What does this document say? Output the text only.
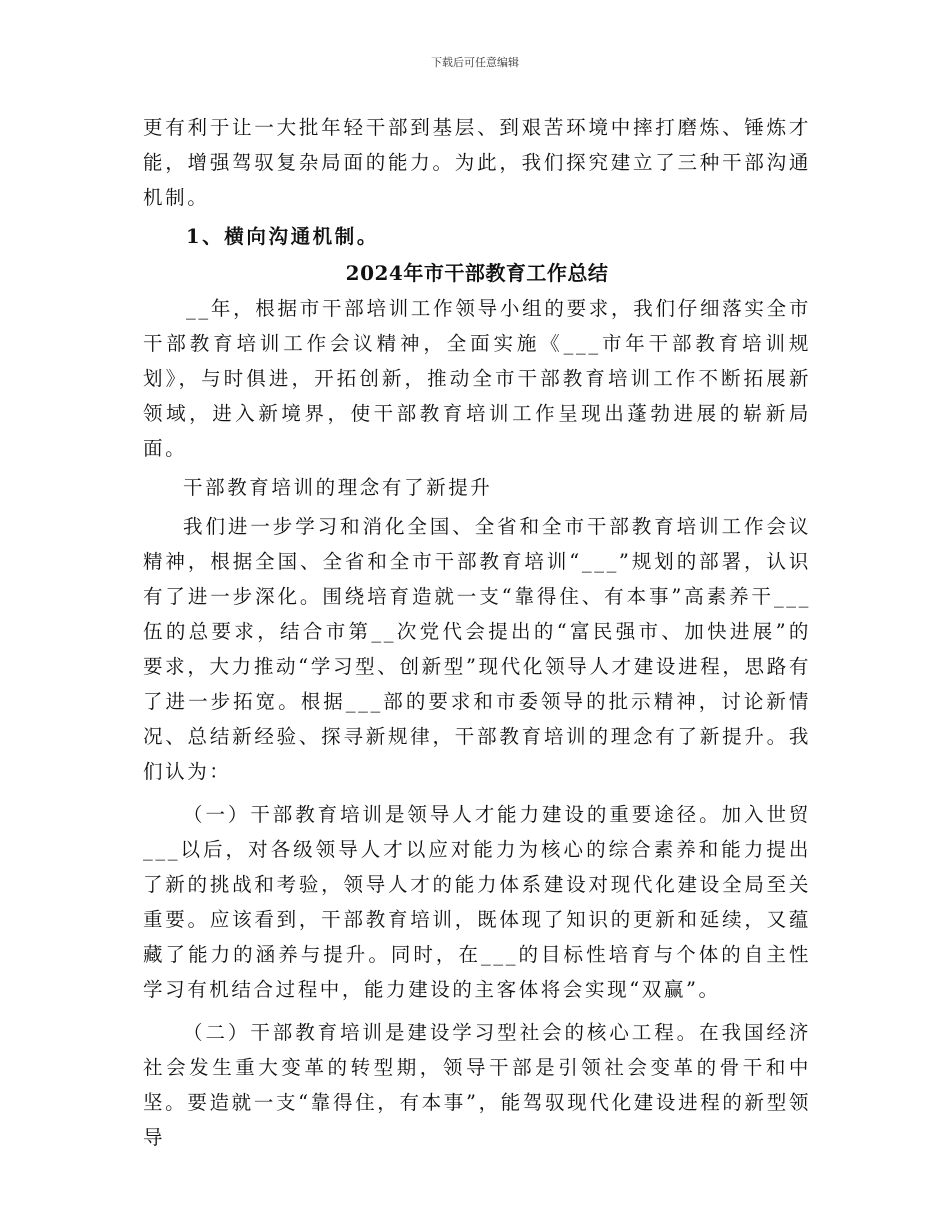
下载后可任意编辑

更有利于让一大批年轻干部到基层、到艰苦环境中摔打磨炼、锤炼才能，增强驾驭复杂局面的能力。为此，我们探究建立了三种干部沟通机制。

1、横向沟通机制。

2024年市干部教育工作总结

__年，根据市干部培训工作领导小组的要求，我们仔细落实全市干部教育培训工作会议精神，全面实施《___市年干部教育培训规划》，与时俱进，开拓创新，推动全市干部教育培训工作不断拓展新领域，进入新境界，使干部教育培训工作呈现出蓬勃进展的崭新局面。

干部教育培训的理念有了新提升

我们进一步学习和消化全国、全省和全市干部教育培训工作会议精神，根据全国、全省和全市干部教育培训“___”规划的部署，认识有了进一步深化。围绕培育造就一支“靠得住、有本事”高素养干___伍的总要求，结合市第__次党代会提出的“富民强市、加快进展”的要求，大力推动“学习型、创新型”现代化领导人才建设进程，思路有了进一步拓宽。根据___部的要求和市委领导的批示精神，讨论新情况、总结新经验、探寻新规律，干部教育培训的理念有了新提升。我们认为：

（一）干部教育培训是领导人才能力建设的重要途径。加入世贸___以后，对各级领导人才以应对能力为核心的综合素养和能力提出了新的挑战和考验，领导人才的能力体系建设对现代化建设全局至关重要。应该看到，干部教育培训，既体现了知识的更新和延续，又蕴藏了能力的涵养与提升。同时，在___的目标性培育与个体的自主性学习有机结合过程中，能力建设的主客体将会实现“双赢”。

（二）干部教育培训是建设学习型社会的核心工程。在我国经济社会发生重大变革的转型期，领导干部是引领社会变革的骨干和中坚。要造就一支“靠得住，有本事”，能驾驭现代化建设进程的新型领导
